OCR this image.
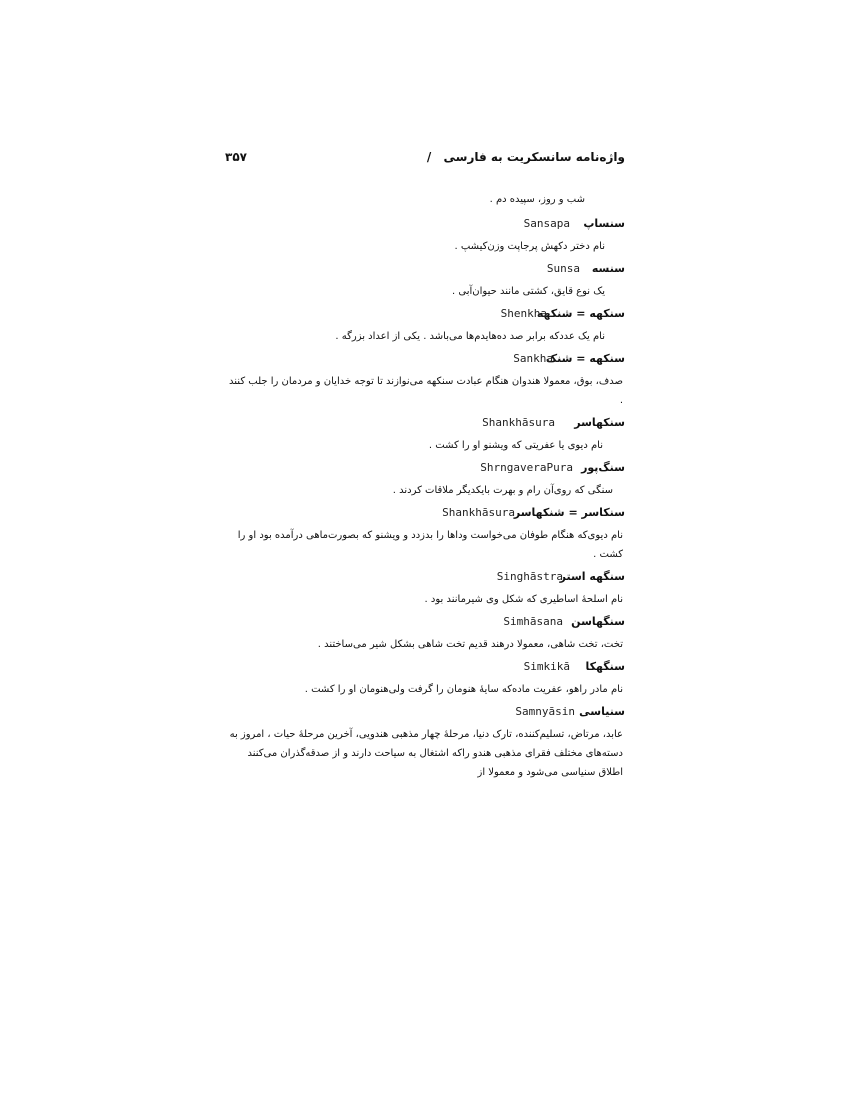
واژه‌نامه سانسکریت به فارسی /
۳۵۷
شب و روز، سپیده دم .
سنساپ
Sansapa
نام دختر دکهش پرجاپت وزن‌کیشپ .
سنسه
Sunsa
یک نوع قایق، کشتی مانند حیوان‌آبی .
سنکهه = شنکهه
Shenkha
نام یک عددکه برابر صد ده‌هایدم‌ها می‌باشد . یکی از اعداد بزرگه .
سنکهه = شنک
Sankha
صدف، بوق، معمولا هندوان هنگام عبادت سنکهه می‌نوازند تا توجه خدایان و مردمان را جلب کنند .
سنکهاسر
Shankhāsura
نام دیوی یا عفریتی که ویشنو او را کشت .
سنگ‌پور
ShrngaveraPura
سنگی که روی‌آن رام و بهرت بایکدیگر ملاقات کردند .
سنکاسر = شنکهاسر
Shankhāsura
نام دیوی‌که هنگام طوفان می‌خواست وداها را بدزدد و ویشنو که بصورت‌ماهی درآمده بود او را کشت .
سنگهه استر
Singhāstra
نام اسلحهٔ اساطیری که شکل وی شیرمانند بود .
سنگهاسن
Simhāsana
تخت، تخت شاهی، معمولا درهند قدیم تخت شاهی بشکل شیر می‌ساختند .
سنگهکا
Simkikā
نام مادر راهو، عفریت ماده‌که سایهٔ هنومان را گرفت ولی‌هنومان او را کشت .
سنیاسی
Samnyāsin
عابد، مرتاض، تسلیم‌کننده، تارک دنیا، مرحلهٔ چهار مذهبی هندویی، آخرین مرحلهٔ حیات ، امروز به دسته‌های مختلف فقرای مذهبی هندو راکه اشتغال به سیاحت دارند و از صدقه‌گذران می‌کنند اطلاق سنیاسی می‌شود و معمولا از
